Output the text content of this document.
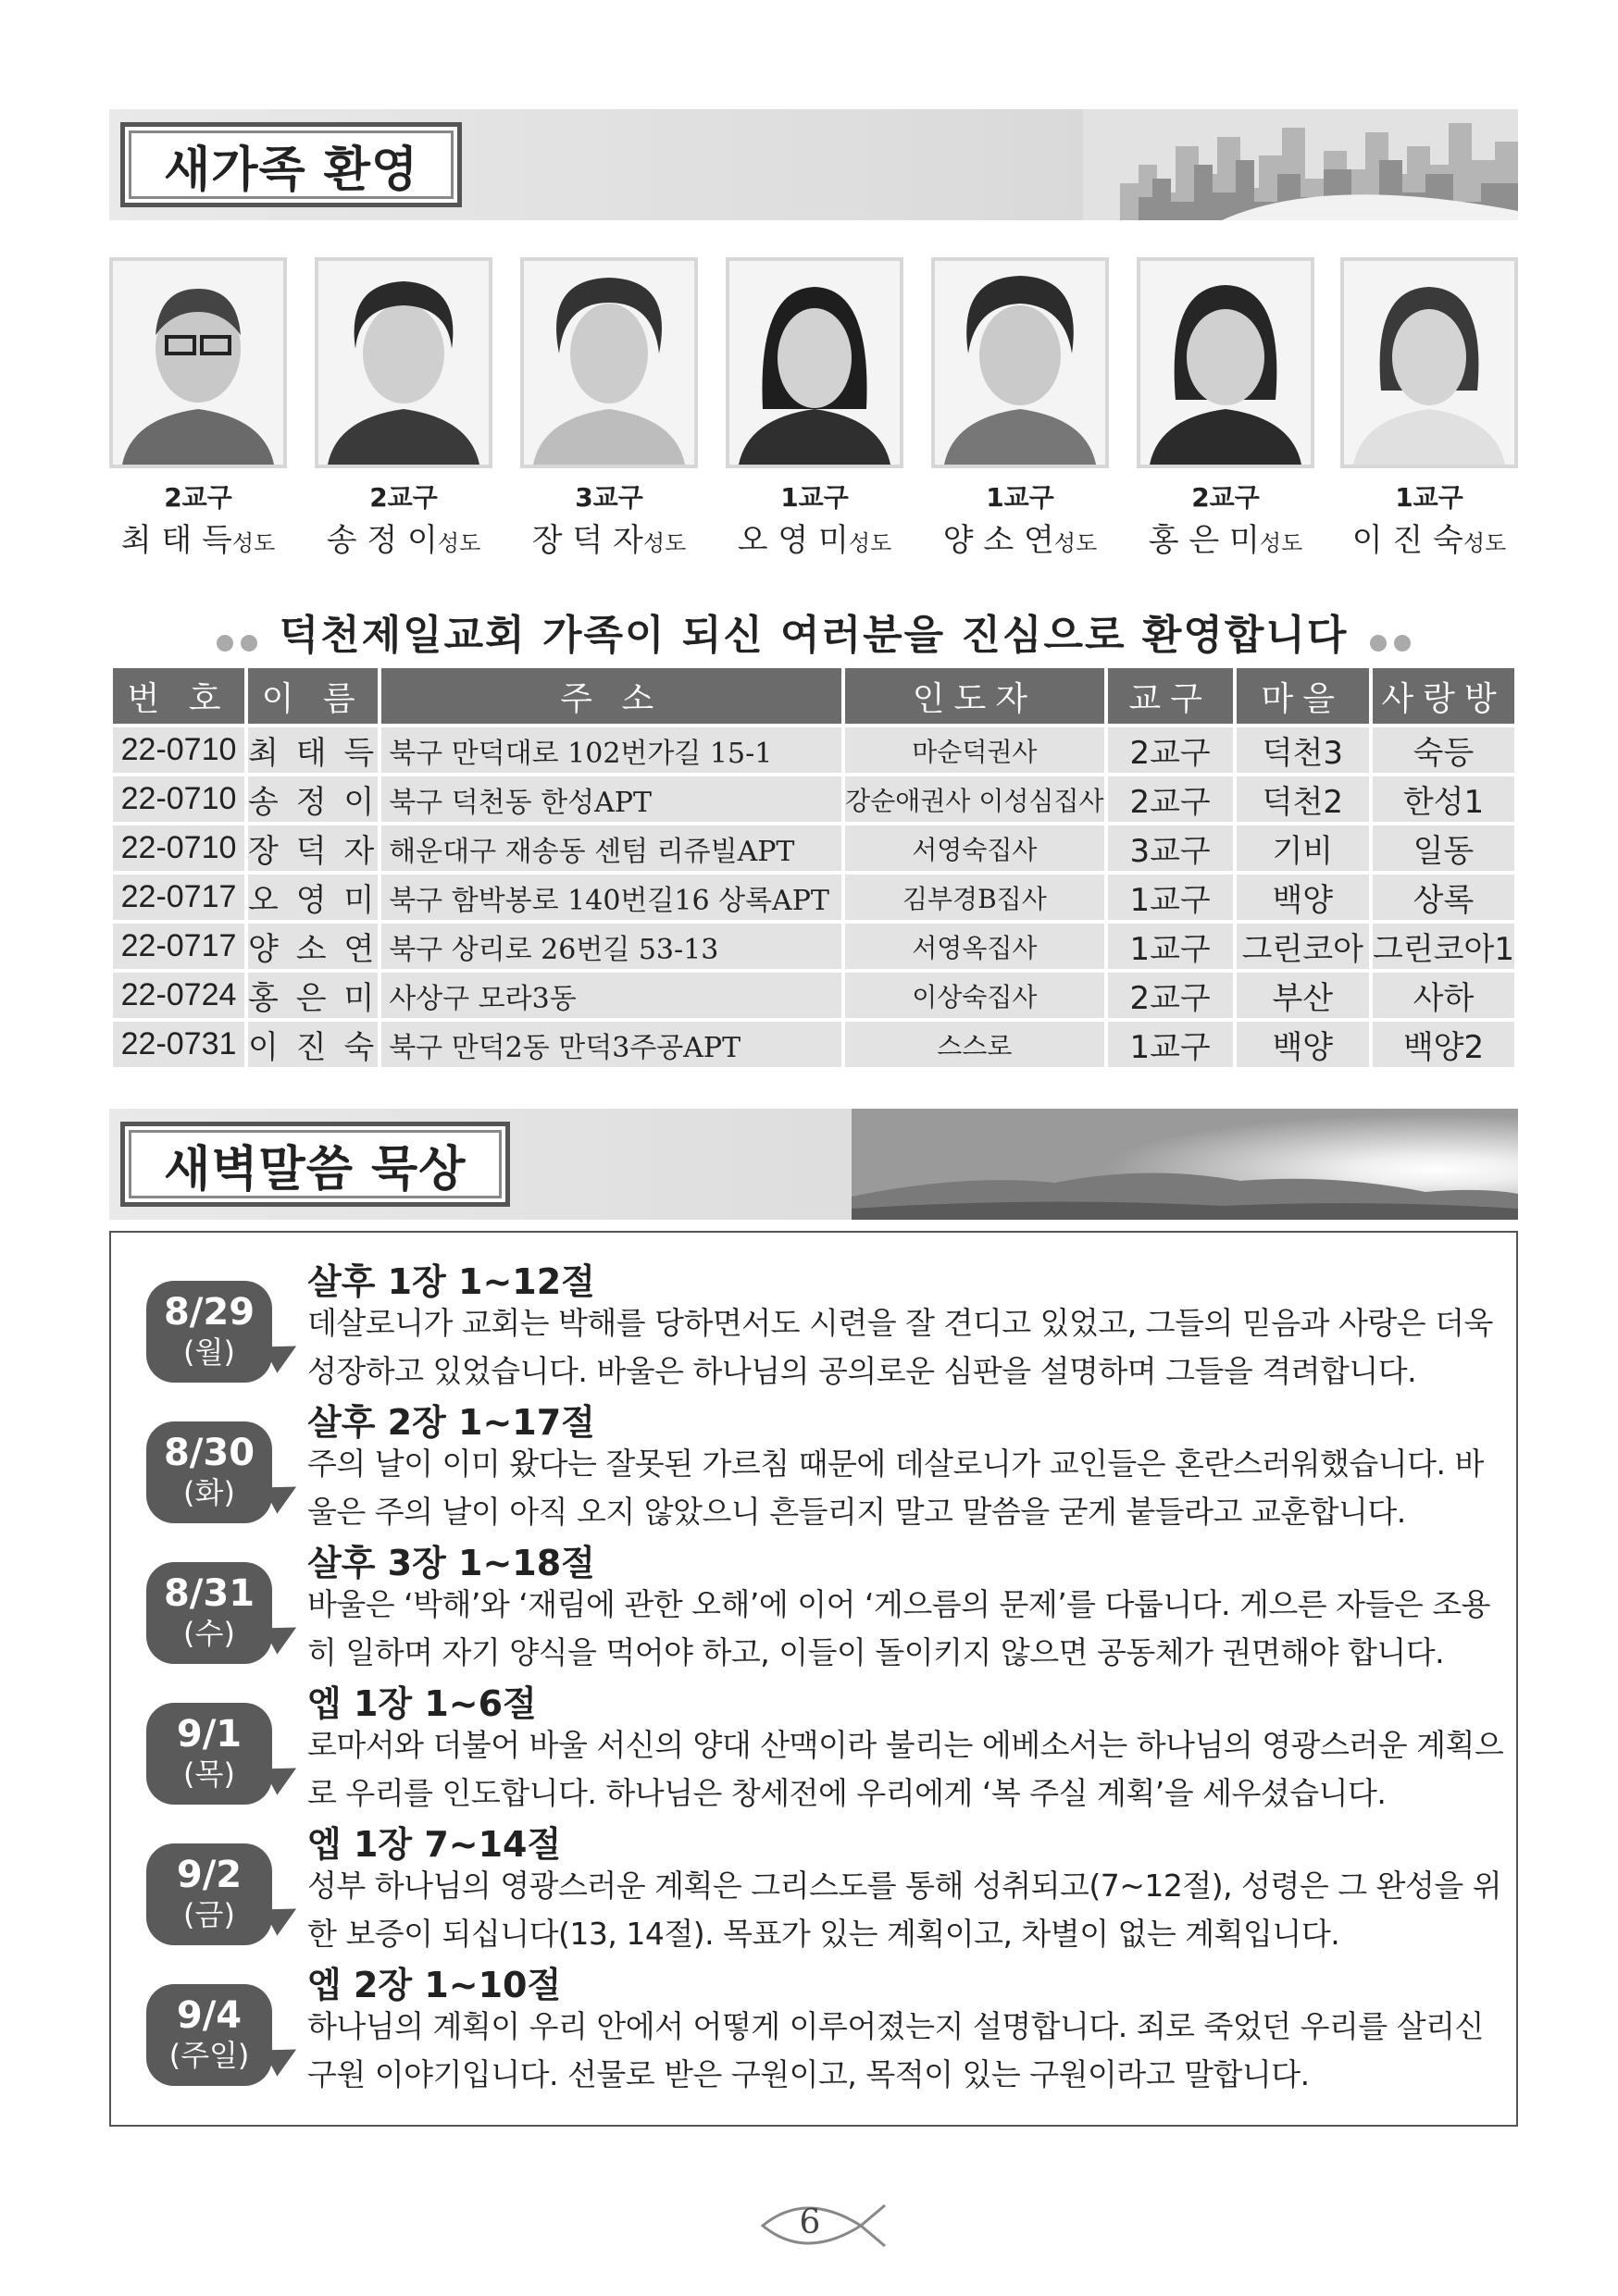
새가족 환영
2교구
최 태 득성도
2교구
송 정 이성도
3교구
장 덕 자성도
1교구
오 영 미성도
1교구
양 소 연성도
2교구
홍 은 미성도
1교구
이 진 숙성도
덕천제일교회 가족이 되신 여러분을 진심으로 환영합니다
번 호	이 름	주 소	인도자	교구	마을	사랑방
22-0710	최 태 득	북구 만덕대로 102번가길 15-1	마순덕권사	2교구	덕천3	숙등
22-0710	송 정 이	북구 덕천동 한성APT	강순애권사 이성심집사	2교구	덕천2	한성1
22-0710	장 덕 자	해운대구 재송동 센텀 리쥬빌APT	서영숙집사	3교구	기비	일동
22-0717	오 영 미	북구 함박봉로 140번길16 상록APT	김부경B집사	1교구	백양	상록
22-0717	양 소 연	북구 상리로 26번길 53-13	서영옥집사	1교구	그린코아	그린코아1
22-0724	홍 은 미	사상구 모라3동	이상숙집사	2교구	부산	사하
22-0731	이 진 숙	북구 만덕2동 만덕3주공APT	스스로	1교구	백양	백양2
새벽말씀 묵상
8/29
(월)
살후 1장 1~12절
데살로니가 교회는 박해를 당하면서도 시련을 잘 견디고 있었고, 그들의 믿음과 사랑은 더욱 성장하고 있었습니다. 바울은 하나님의 공의로운 심판을 설명하며 그들을 격려합니다.
8/30
(화)
살후 2장 1~17절
주의 날이 이미 왔다는 잘못된 가르침 때문에 데살로니가 교인들은 혼란스러워했습니다. 바울은 주의 날이 아직 오지 않았으니 흔들리지 말고 말씀을 굳게 붙들라고 교훈합니다.
8/31
(수)
살후 3장 1~18절
바울은 ‘박해’와 ‘재림에 관한 오해’에 이어 ‘게으름의 문제’를 다룹니다. 게으른 자들은 조용히 일하며 자기 양식을 먹어야 하고, 이들이 돌이키지 않으면 공동체가 권면해야 합니다.
9/1
(목)
엡 1장 1~6절
로마서와 더불어 바울 서신의 양대 산맥이라 불리는 에베소서는 하나님의 영광스러운 계획으로 우리를 인도합니다. 하나님은 창세전에 우리에게 ‘복 주실 계획’을 세우셨습니다.
9/2
(금)
엡 1장 7~14절
성부 하나님의 영광스러운 계획은 그리스도를 통해 성취되고(7~12절), 성령은 그 완성을 위한 보증이 되십니다(13, 14절). 목표가 있는 계획이고, 차별이 없는 계획입니다.
9/4
(주일)
엡 2장 1~10절
하나님의 계획이 우리 안에서 어떻게 이루어졌는지 설명합니다. 죄로 죽었던 우리를 살리신 구원 이야기입니다. 선물로 받은 구원이고, 목적이 있는 구원이라고 말합니다.
6
